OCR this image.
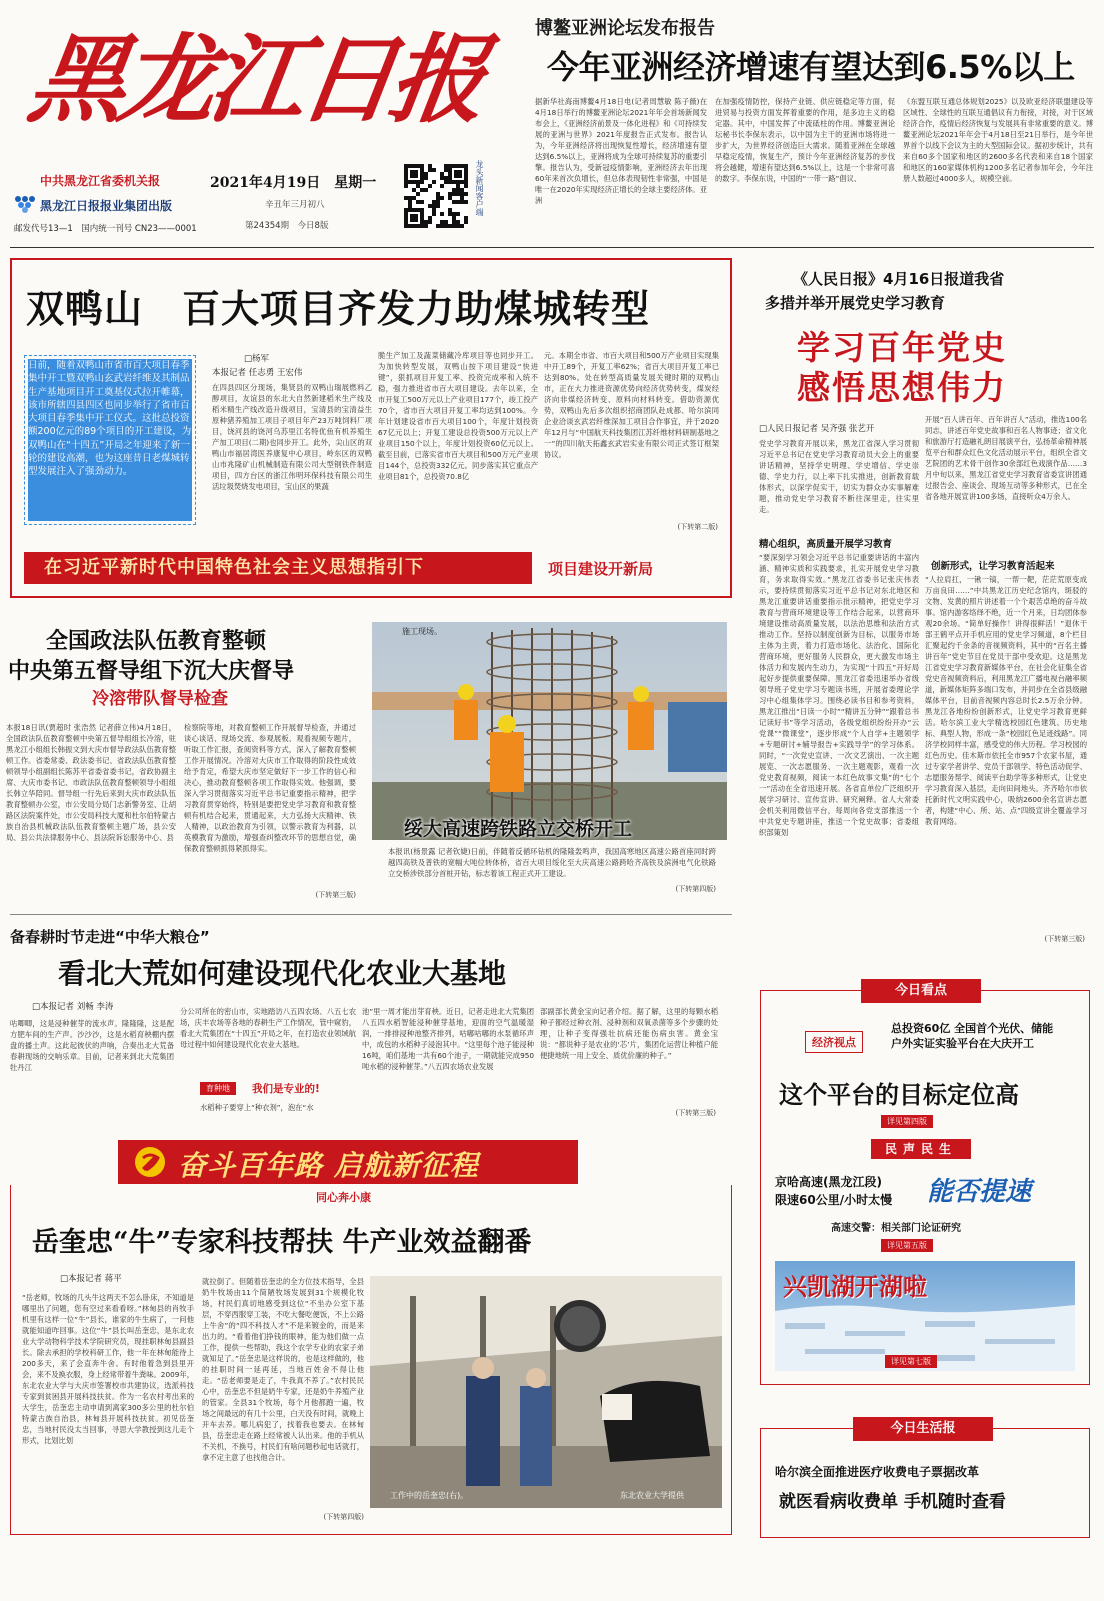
黑龙江日报
中共黑龙江省委机关报
黑龙江日报报业集团出版
邮发代号13—1　国内统一刊号 CN23——0001
2021年4月19日　星期一
辛丑年三月初八
第24354期　今日8版
龙头新闻客户端
博鳌亚洲论坛发布报告
今年亚洲经济增速有望达到6.5%以上
据新华社海南博鳌4月18日电(记者周慧敏 陈子薇)在4月18日举行的博鳌亚洲论坛2021年年会首场新闻发布会上，《亚洲经济前景及一体化进程》和《可持续发展的亚洲与世界》2021年度报告正式发布。报告认为，今年亚洲经济将出现恢复性增长，经济增速有望达到6.5%以上，亚洲将成为全球可持续复苏的重要引擎。报告认为，受新冠疫情影响，亚洲经济去年出现60年来首次负增长，但总体表现韧性非常强，中国是唯一在2020年实现经济正增长的全球主要经济体。亚洲
在加强疫情防控，保持产业链、供应链稳定等方面，促进贸易与投资方面发挥着重要的作用，是多边主义的稳定器。其中，中国发挥了中流砥柱的作用。博鳌亚洲论坛秘书长李保东表示，以中国为主干的亚洲市场将进一步扩大，为世界经济创造巨大需求。随着亚洲在全球越早稳定疫情，恢复生产，预计今年亚洲经济复苏的步伐将会越健，增速有望达到6.5%以上，这是一个非常可喜的数字。李保东说，中国的“一带一路”倡议、
《东盟互联互通总体规划2025》以及欧亚经济联盟建设等区域性、全球性的互联互通倡议有力衔接，对接，对于区域经济合作，疫情后经济恢复与发展具有非常重要的意义。博鳌亚洲论坛2021年年会于4月18日至21日举行，是今年世界首个以线下会议为主的大型国际会议。据初步统计，共有来自60多个国家和地区的2600多名代表和来自18个国家和地区的160家媒体机构1200多名记者参加年会，今年注册人数超过4000多人，规模空前。
双鸭山　百大项目齐发力助煤城转型
日前，随着双鸭山市省市百大项目春季集中开工暨双鸭山玄武岩纤维及其制品生产基地项目开工奠基仪式拉开帷幕，该市所辖四县四区也同步举行了省市百大项目春季集中开工仪式。这批总投资额200亿元的89个项目的开工建设，为双鸭山在“十四五”开局之年迎来了新一轮的建设高潮，也为这座昔日老煤城转型发展注入了强劲动力。
□杨军
本报记者 任志勇 王宏伟
在四县四区分现场，集贤县的双鸭山瑞展燃料乙醇项目，友谊县的东北大自然新建稻米生产线及稻米精生产线改造升级项目，宝清县的宝清益生原种猪养殖加工项目子项目年产23万吨饲料厂项目，饶河县的饶河乌苏里江名特优鱼有机养殖生产加工项目(二期)也同步开工。此外，尖山区的双鸭山市福居湾医养康复中心项目，岭东区的双鸭山市兆隆矿山机械制造有限公司大型钢铁件制造项目，四方台区的浙江伟明环保科技有限公司生活垃圾焚烧发电项目，宝山区的果蔬
脆生产加工及蔬菜储藏冷库项目等也同步开工。为加快转型发展，双鸭山按下项目建设“快进键”，狠抓项目开复工率、投资完成率和入统不稳，强力推进省市百大项目建设。去年以来，全市开复工500万元以上产业项目177个，竣工投产70个，省市百大项目开复工率均达到100%。今年计划建设省市百大项目100个，年度计划投资67亿元以上；开复工建设总投资500万元以上产业项目150个以上，年度计划投资60亿元以上。截至目前，已落实省市百大项目和500万元产业项目144个，总投资332亿元。同步落实其它重点产业项目81个，总投资70.8亿
元。本期全市省、市百大项目和500万产业项目实现集中开工89个，开复工率62%；省百大项目开复工率已达到80%。处在转型高质量发展关键时期的双鸭山市，正在大力推进资源优势向经济优势转变，煤炭经济向非煤经济转变、原料向材料转变。借助资源优势，双鸭山先后多次组织招商团队赴成都、哈尔滨同企业洽谈玄武岩纤维深加工项目合作事宜，并于2020年12月与“中国航天科技集团江苏纤维材料研制基地之一”的四川航天拓鑫玄武岩实业有限公司正式签订框架协议。
(下转第二版)
在习近平新时代中国特色社会主义思想指引下	项目建设开新局
全国政法队伍教育整顿
中央第五督导组下沉大庆督导
冷溶带队督导检查
本报18日讯(贾超时 张浩然 记者薛立伟)4月18日，全国政法队伍教育整顿中央第五督导组组长冷溶，驻黑龙江小组组长韩振文到大庆市督导政法队伍教育整顿工作。省委常委、政法委书记、省政法队伍教育整顿领导小组副组长陈苏平省委省委书记，省政协副主席、大庆市委书记、市政法队伍教育整顿领导小组组长韩立华陪同。督导组一行先后来到大庆市政法队伍教育整顿办公室，市公安局分局门志新警务室、让胡路区法院案件处，市公安局科技大厦和杜尔伯特蒙古族自治县机械政法队伍教育整顿主题广场，县公安局、县公共法律服务中心、县法院诉讼服务中心、县
检察院等地，对教育整顿工作开展督导检查，并通过谈心谈话、现场交流、参观展板、观看视频专题片，听取工作汇报，查阅资料等方式，深入了解教育整顿工作开展情况。冷溶对大庆市工作取得的阶段性成效给予肯定，希望大庆市坚定做好下一步工作的信心和决心，推动教育整顿各项工作取得实效。他强调，要深入学习贯彻落实习近平总书记重要指示精神，把学习教育贯穿始终，特别是要把党史学习教育和教育整顿有机结合起来，贯通起来，大力弘扬大庆精神、铁人精神，以政治教育为引领，以警示教育为利器，以英模教育为激励，增强查纠整改环节的思想自觉，确保教育整顿抓得紧抓得实。
(下转第三版)
施工现场。
绥大高速跨铁路立交桥开工
本报讯(杨景露 记者钦婕)日前，伴随着反循环钻机的隆隆轰鸣声，我国高寒地区高速公路首座同时跨越四高铁及普铁的宽幅大吨位转体桥，省百大项目绥化至大庆高速公路跨哈齐高铁及滨洲电气化铁路立交桥涉铁部分首桩开钻，标志着该工程正式开工建设。
(下转第四版)
备春耕时节走进“中华大粮仓”
看北大荒如何建设现代化农业大基地
□本报记者 刘畅 李涛
咕唧唧，这是浸种催芽的流水声。隆隆隆，这是配方肥车间的生产声。沙沙沙，这是水稻育秧棚内摆盘的播土声。这此起彼伏的声响，合奏出北大荒备春耕现场的交响乐章。目前，记者来到北大荒集团牡丹江
分公司所在的密山市，实地踏访八五四农场、八五七农场，庆丰农场等各地的春耕生产工作情况，管中窥豹，看北大荒集团在“十四五”开局之年，在打造农业领域航母过程中如何建设现代化农业大基地。
育种地	我们是专业的!
水稻种子要穿上“种衣剂”，泡在“水
池”里一周才能出芽育秧。近日，记者走进北大荒集团八五四水稻智能浸种催芽基地，迎面的空气温暖湿润，一排排浸种池整齐排列，咕嘟咕嘟的水泵循环声中，成包的水稻种子浸泡其中。“这里每个池子能浸种16吨，咱们基地一共有60个池子，一期就能完成950吨水稻的浸种催芽。”八五四农场农业发展
部副部长黄金宝向记者介绍。据了解，这里的每颗水稻种子都经过种衣剂、浸种剂和双氧杀菌等多个步骤的处理，让种子变得强壮抗病还能伤病虫害。黄金宝说：“都说种子是农业的‘芯’片，集团化运营让种植户能便捷地统一用上安全、质优价廉的种子。”
(下转第三版)
《人民日报》4月16日报道我省
多措并举开展党史学习教育
学习百年党史
感悟思想伟力
□人民日报记者 吴齐强 张艺开
党史学习教育开展以来，黑龙江省深入学习贯彻习近平总书记在党史学习教育动员大会上的重要讲话精神，坚持学史明理、学史增信、学史崇德、学史力行，以上率下扎实推进，创新教育载体形式，以深学促实干，切实为群众办实事解难题，推动党史学习教育不断往深里走，往实里走。
精心组织，高质量开展学习教育
“要深刻学习领会习近平总书记重要讲话的丰富内涵、精神实质和实践要求，扎实开展党史学习教育，务求取得实效。”黑龙江省委书记张庆伟表示，要持续贯彻落实习近平总书记对东北地区和黑龙江重要讲话重要指示批示精神，把党史学习教育与营商环境建设等工作结合起来，以营商环境建设推动高质量发展，以法治思维和法治方式推动工作。坚持以制度创新为目标，以服务市场主体为主责，着力打造市场化、法治化、国际化营商环境，更好服务人民群众，更大激发市场主体活力和发展内生动力，为实现“十四五”开好局起好步提供重要保障。黑龙江省委迅速举办省级领导班子党史学习专题读书班，开展省委理论学习中心组集体学习。围绕必读书目和参考资料，黑龙江推出“日读一小时”“精讲五分钟”“跟着总书记读好书”等学习活动，各级党组织纷纷开办“云党课”“微课堂”，逐步形成“个人自学+主题领学+专题研讨+辅导报告+实践导学”的学习体系。同时，“一次党史宣讲、一次文艺演出、一次主题展览、一次志愿服务、一次主题观影，观看一次党史教育视频，阅读一本红色故事文集”的“七个一”活动在全省迅速开展。各省直单位广泛组织开展学习研讨、宣传宣讲、研究阐释。省人大常委会机关利用微信平台，每周向各党支部推送一个中共党史专题讲座，推送一个党史故事；省委组织部策划
开展“百人讲百年、百年讲百人”活动，推选100名同志，讲述百年党史故事和百名人物事迹；省文化和旅游厅打造融礼朗目展演平台，弘扬革命精神展览平台和群众红色文化活动展示平台，组织全省文艺院团的艺术骨干创作30余部红色戏演作品……3月中旬以来，黑龙江省党史学习教育省委宣讲团通过报告会、座谈会、现场互动等多种形式，已在全省各地开展宣讲100多场，直接听众4万余人。
创新形式，让学习教育活起来
“人拉肩扛，一锹一镐，一帮一靶，茫茫荒原变成万亩良田……”中共黑龙江历史纪念馆内，斑驳的文物、发黄的照片讲述着一个个艰苦卓绝的奋斗故事。馆内游客络绎不绝，近一个月来，日均团体参观20余场。“简单好操作！讲得很鲜活！”退休干部王鹤平点开手机应用的党史学习频道，8个栏目汇聚起约千余条的音视频资料，其中的“百名主播讲百年”党史节目在党员干部中受欢迎。这是黑龙江省党史学习教育新媒体平台，在社会化征集全省党史音视频资料后，利用黑龙江广播电视台融率频道，新媒体矩阵多端口发布，并同步在全省县级融媒体平台，目前音视频内容总时长2.5万余分钟。黑龙江各地纷纷创新形式，让党史学习教育更鲜活。哈尔滨工业大学精选校园红色建筑、历史地标、典型人物，形成一条“校园红色足迹线路”。同济学校同样丰富，感受党的伟大历程。学习校园的红色历史。佳木斯市依托全市957个农家书屋，通过专家学者讲学、党员干部领学、特色活动促学、志愿服务帮学、阅读平台助学等多种形式，让党史学习教育深入基层，走向田间地头。齐齐哈尔市依托新时代文明实践中心，吸纳2600余名宣讲志愿者，构建“中心、所、站、点”四级宣讲全覆盖学习教育网络。
(下转第三版)
今日看点
经济视点
总投资60亿 全国首个光伏、储能户外实证实验平台在大庆开工
这个平台的目标定位高
详见第四版
民声民生
京哈高速(黑龙江段)
限速60公里/小时太慢 能否提速
高速交警：相关部门论证研究
详见第五版
兴凯湖开湖啦
详见第七版
今日生活报
哈尔滨全面推进医疗收费电子票据改革
就医看病收费单 手机随时查看
奋斗百年路 启航新征程
同心奔小康
岳奎忠“牛”专家科技帮扶 牛产业效益翻番
□本报记者 蒋平
“岳老师，牧场的几头牛这两天不怎么卧床，不知道是哪里出了问题，您有空过来看看呀。”林甸县的肖牧手机里有这样一位“牛”县长，谁家的牛生病了，一问他就能知道咋回事。这位“牛”县长叫岳奎忠，是东北农业大学动物科学技术学院研究员，现挂职林甸县副县长。除去承担的学校科研工作，他一年在林甸能待上200多天，来了会直奔牛舍。有时他着急到县里开会，来不及换衣服，身上经常带着牛粪味。2009年，东北农业大学与大庆市签署校市共建协议，选派科技专家到贫困县开展科技扶贫。作为一名农村考出来的大学生，岳奎忠主动申请到离家300多公里的杜尔伯特蒙古族自治县，林甸县开展科技扶贫。初见岳奎忠，当地村民没太当回事，寻思大学教授到这儿走个形式，比划比划
就拉倒了。但随着岳奎忠的全方位技术指导，全县奶牛牧场由11个简陋牧场发展到31个规模化牧场，村民们真切地感受到这位“不坐办公室下基层，不穿西服穿工装，不吃大餐吃便饭，不上公路上牛舍”的“四不科技人才”不是来镀金的，而是来出力的。“看着他们挣钱的眼神，能为他们做一点工作，提供一些帮助，我这个农学专业的农家子弟就知足了。”岳奎忠是这样说的，也是这样做的，他的挂职时间一延再延，当地百姓舍不得让他走。“岳老师要是走了，牛我真不养了。”农村民民心中，岳奎忠不但是奶牛专家，还是奶牛养殖产业的管家。全县31个牧场，每个月他都跑一遍，牧场之间最远的有几十公里，白天没有时间，就晚上开车去养。哪儿病犯了，找着我也要去。在林甸县，岳奎忠走在路上经常被人认出来。他的手机从不关机，不换号，村民们有啥问题秒起电话就打，拿不定主意了也找他合计。
(下转第四版)
工作中的岳奎忠(右)。	东北农业大学提供
